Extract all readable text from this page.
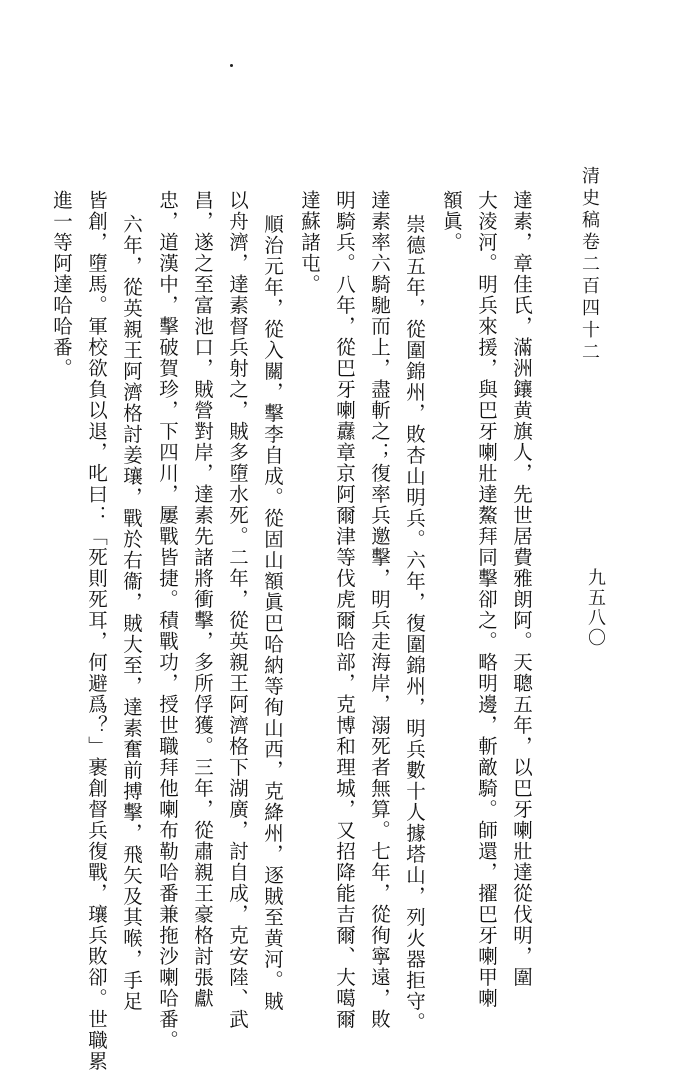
清史稿卷二百四十二
九五八〇
達素，章佳氏，滿洲鑲黄旗人，先世居費雅朗阿。天聰五年，以巴牙喇壯達從伐明，圍
大淩河。明兵來援，與巴牙喇壯達鰲拜同擊卻之。略明邊，斬敵騎。師還，擢巴牙喇甲喇
額眞。
崇德五年，從圍錦州，敗杏山明兵。六年，復圍錦州，明兵數十人據塔山，列火器拒守。
達素率六騎馳而上，盡斬之；復率兵邀擊，明兵走海岸，溺死者無算。七年，從徇寧遠，敗
明騎兵。八年，從巴牙喇纛章京阿爾津等伐虎爾哈部，克博和理城，又招降能吉爾、大噶爾
達蘇諸屯。
順治元年，從入關，擊李自成。從固山額眞巴哈納等徇山西，克絳州，逐賊至黄河。賊
以舟濟，達素督兵射之，賊多墮水死。二年，從英親王阿濟格下湖廣，討自成，克安陸、武
昌，遂之至富池口，賊營對岸，達素先諸將衝擊，多所俘獲。三年，從肅親王豪格討張獻
忠，道漢中，擊破賀珍，下四川，屢戰皆捷。積戰功，授世職拜他喇布勒哈番兼拖沙喇哈番。
六年，從英親王阿濟格討姜瓖，戰於右衞，賊大至，達素奮前搏擊，飛矢及其喉，手足
皆創，墮馬。軍校欲負以退，叱曰：「死則死耳，何避爲？」裹創督兵復戰，瓖兵敗卻。世職累
進一等阿達哈哈番。
